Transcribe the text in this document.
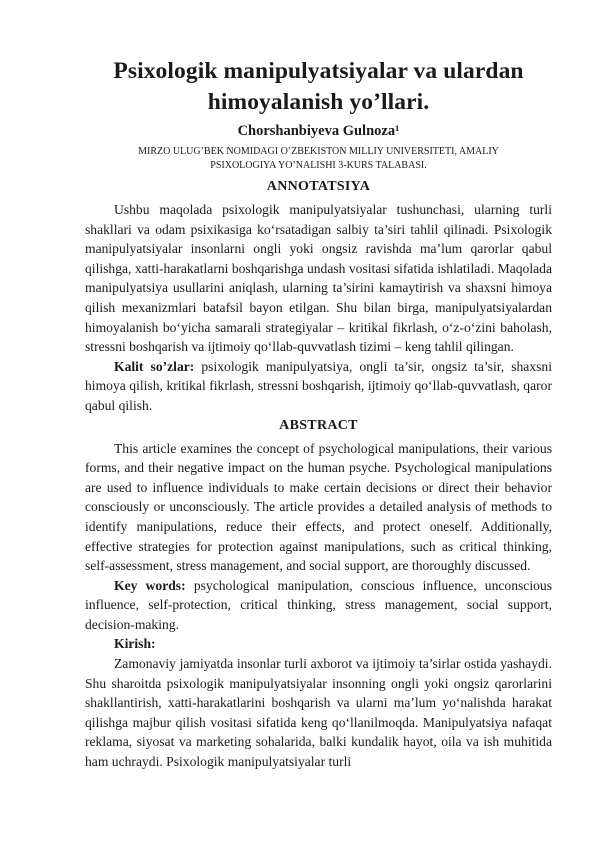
Psixologik manipulyatsiyalar va ulardan himoyalanish yo’llari.
Chorshanbiyeva Gulnoza¹
MIRZO ULUG’BEK NOMIDAGI O’ZBEKISTON MILLIY UNIVERSITETI, AMALIY
PSIXOLOGIYA YO’NALISHI 3-KURS TALABASI.
ANNOTATSIYA

Ushbu maqolada psixologik manipulyatsiyalar tushunchasi, ularning turli shakllari va odam psixikasiga ko‘rsatadigan salbiy ta’siri tahlil qilinadi. Psixologik manipulyatsiyalar insonlarni ongli yoki ongsiz ravishda ma’lum qarorlar qabul qilishga, xatti-harakatlarni boshqarishga undash vositasi sifatida ishlatiladi. Maqolada manipulyatsiya usullarini aniqlash, ularning ta’sirini kamaytirish va shaxsni himoya qilish mexanizmlari batafsil bayon etilgan. Shu bilan birga, manipulyatsiyalardan himoyalanish bo‘yicha samarali strategiyalar – kritikal fikrlash, o‘z-o‘zini baholash, stressni boshqarish va ijtimoiy qo‘llab-quvvatlash tizimi – keng tahlil qilingan.

Kalit so’zlar: psixologik manipulyatsiya, ongli ta’sir, ongsiz ta’sir, shaxsni himoya qilish, kritikal fikrlash, stressni boshqarish, ijtimoiy qo‘llab-quvvatlash, qaror qabul qilish.

ABSTRACT

This article examines the concept of psychological manipulations, their various forms, and their negative impact on the human psyche. Psychological manipulations are used to influence individuals to make certain decisions or direct their behavior consciously or unconsciously. The article provides a detailed analysis of methods to identify manipulations, reduce their effects, and protect oneself. Additionally, effective strategies for protection against manipulations, such as critical thinking, self-assessment, stress management, and social support, are thoroughly discussed.

Key words: psychological manipulation, conscious influence, unconscious influence, self-protection, critical thinking, stress management, social support, decision-making.

Kirish:

Zamonaviy jamiyatda insonlar turli axborot va ijtimoiy ta’sirlar ostida yashaydi. Shu sharoitda psixologik manipulyatsiyalar insonning ongli yoki ongsiz qarorlarini shakllantirish, xatti-harakatlarini boshqarish va ularni ma’lum yo‘nalishda harakat qilishga majbur qilish vositasi sifatida keng qo‘llanilmoqda. Manipulyatsiya nafaqat reklama, siyosat va marketing sohalarida, balki kundalik hayot, oila va ish muhitida ham uchraydi. Psixologik manipulyatsiyalar turli
